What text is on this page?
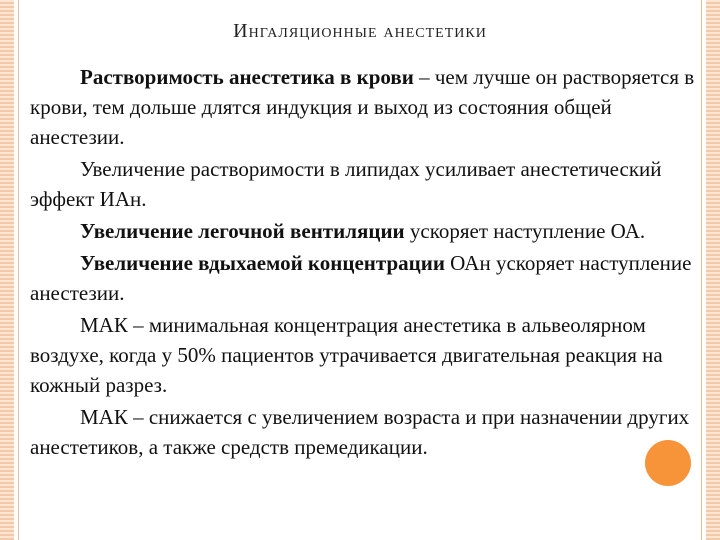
Ингаляционные анестетики

Растворимость анестетика в крови – чем лучше он растворяется в крови, тем дольше длятся индукция и выход из состояния общей анестезии.

Увеличение растворимости в липидах усиливает анестетический эффект ИАн.

Увеличение легочной вентиляции ускоряет наступление ОА.

Увеличение вдыхаемой концентрации ОАн ускоряет наступление анестезии.

МАК – минимальная концентрация анестетика в альвеолярном воздухе, когда у 50% пациентов утрачивается двигательная реакция на кожный разрез.

МАК – снижается с увеличением возраста и при назначении других анестетиков, а также средств премедикации.
